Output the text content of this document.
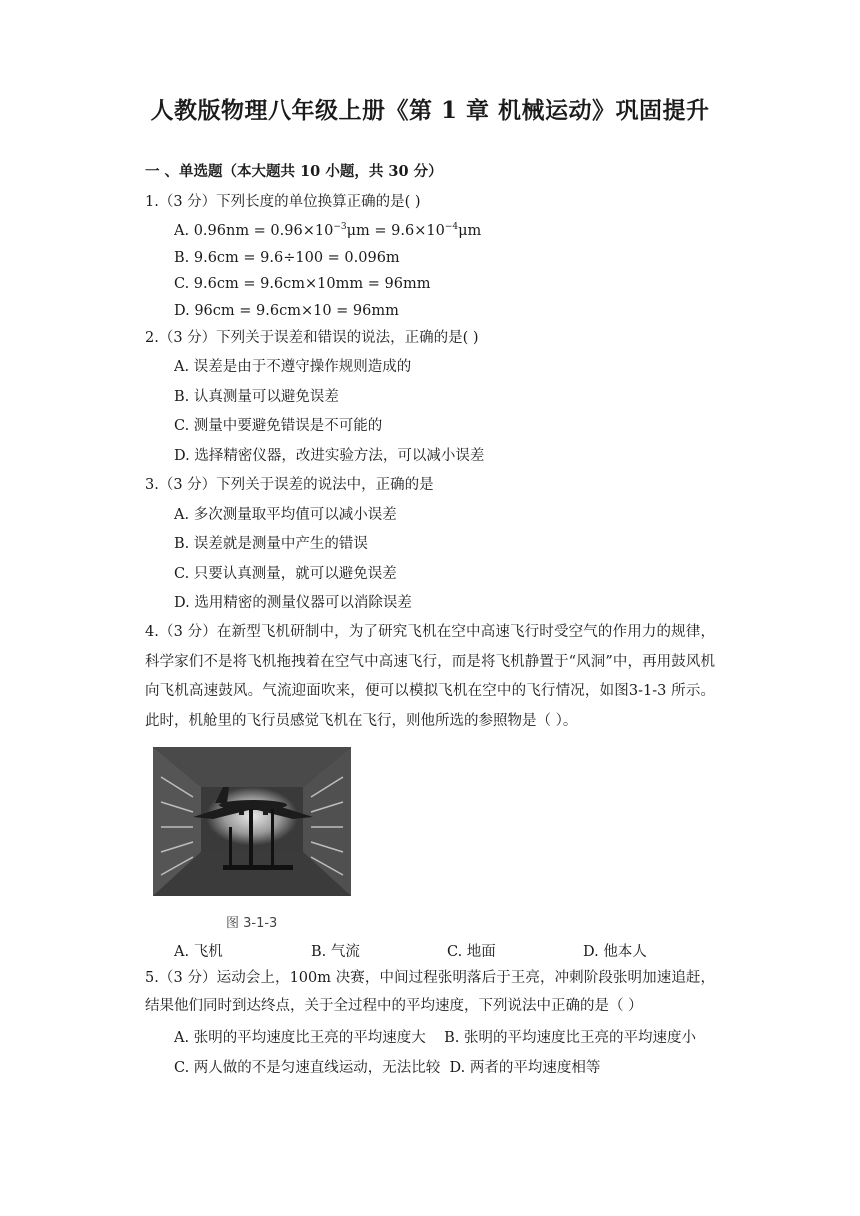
人教版物理八年级上册《第 1 章 机械运动》巩固提升
一 、单选题（本大题共 10 小题，共 30 分）
1.（3 分）下列长度的单位换算正确的是( )
A. $0.96nm = 0.96\times 10^{-3}\mu m = 9.6\times 10^{-4}\mu m$
B. 9.6cm = 9.6÷100 = 0.096m
C. 9.6cm = 9.6cm×10mm = 96mm
D. 96cm = 9.6cm×10 = 96mm
2.（3 分）下列关于误差和错误的说法，正确的是( )
A. 误差是由于不遵守操作规则造成的
B. 认真测量可以避免误差
C. 测量中要避免错误是不可能的
D. 选择精密仪器，改进实验方法，可以减小误差
3.（3 分）下列关于误差的说法中，正确的是
A. 多次测量取平均值可以减小误差
B. 误差就是测量中产生的错误
C. 只要认真测量，就可以避免误差
D. 选用精密的测量仪器可以消除误差
4.（3 分）在新型飞机研制中，为了研究飞机在空中高速飞行时受空气的作用力的规律，科学家们不是将飞机拖拽着在空气中高速飞行，而是将飞机静置于“风洞”中，再用鼓风机向飞机高速鼓风。气流迎面吹来，便可以模拟飞机在空中的飞行情况，如图3-1-3 所示。此时，机舱里的飞行员感觉飞机在飞行，则他所选的参照物是（ ）。
图 3-1-3
A. 飞机	B. 气流	C. 地面	D. 他本人
5.（3 分）运动会上，100m 决赛，中间过程张明落后于王亮，冲刺阶段张明加速追赶，结果他们同时到达终点，关于全过程中的平均速度，下列说法中正确的是（ ）
A. 张明的平均速度比王亮的平均速度大    B. 张明的平均速度比王亮的平均速度小
C. 两人做的不是匀速直线运动，无法比较  D. 两者的平均速度相等
